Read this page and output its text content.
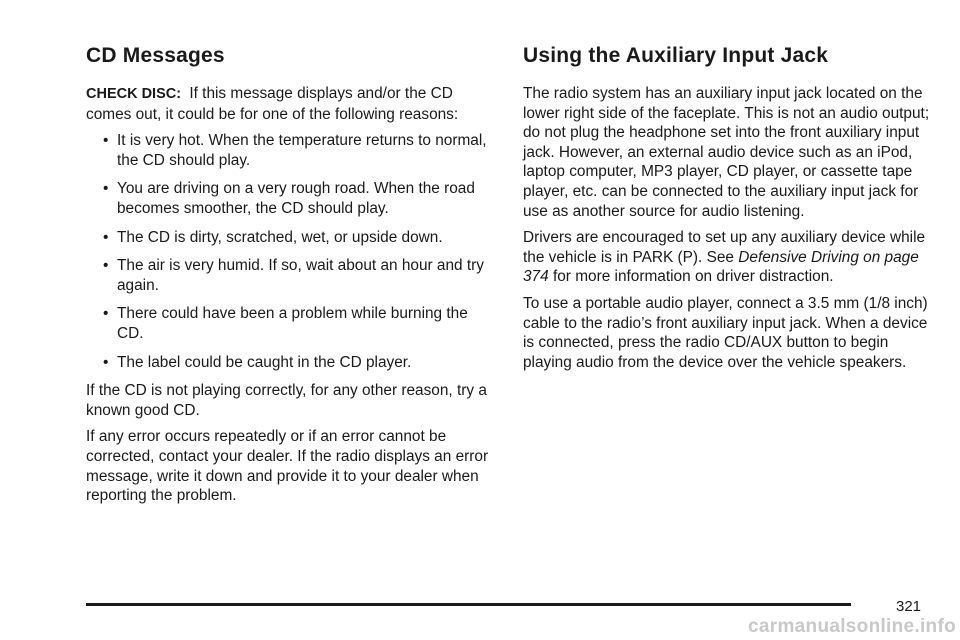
CD Messages

CHECK DISC: If this message displays and/or the CD comes out, it could be for one of the following reasons:

• It is very hot. When the temperature returns to normal, the CD should play.
• You are driving on a very rough road. When the road becomes smoother, the CD should play.
• The CD is dirty, scratched, wet, or upside down.
• The air is very humid. If so, wait about an hour and try again.
• There could have been a problem while burning the CD.
• The label could be caught in the CD player.

If the CD is not playing correctly, for any other reason, try a known good CD.

If any error occurs repeatedly or if an error cannot be corrected, contact your dealer. If the radio displays an error message, write it down and provide it to your dealer when reporting the problem.

Using the Auxiliary Input Jack

The radio system has an auxiliary input jack located on the lower right side of the faceplate. This is not an audio output; do not plug the headphone set into the front auxiliary input jack. However, an external audio device such as an iPod, laptop computer, MP3 player, CD player, or cassette tape player, etc. can be connected to the auxiliary input jack for use as another source for audio listening.

Drivers are encouraged to set up any auxiliary device while the vehicle is in PARK (P). See Defensive Driving on page 374 for more information on driver distraction.

To use a portable audio player, connect a 3.5 mm (1/8 inch) cable to the radio’s front auxiliary input jack. When a device is connected, press the radio CD/AUX button to begin playing audio from the device over the vehicle speakers.

321
carmanualsonline.info
